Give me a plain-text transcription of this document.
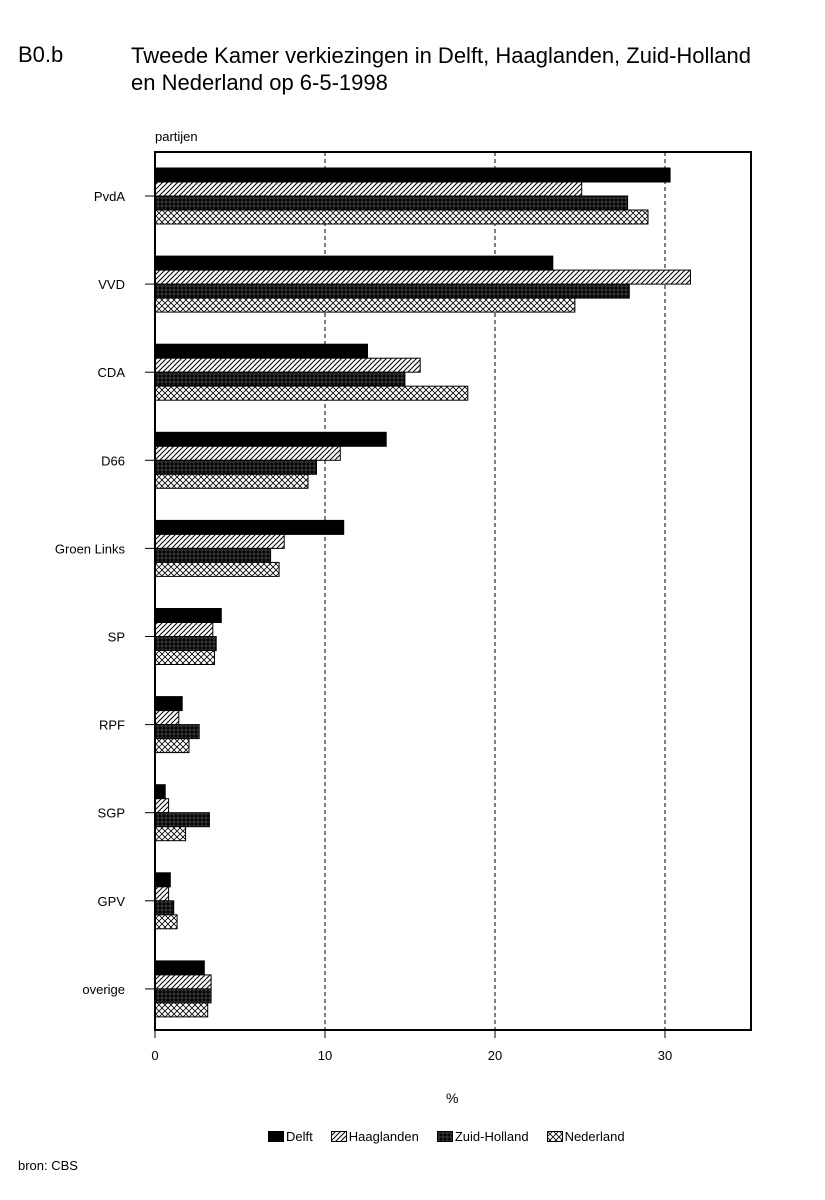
B0.b	Tweede Kamer verkiezingen in Delft, Haaglanden, Zuid-Holland
en Nederland op 6-5-1998
partijen
0	10	20	30
PvdA
VVD
CDA
D66
Groen Links
SP
RPF
SGP
GPV
overige
%
Delft	Haaglanden	Zuid-Holland	Nederland
bron: CBS
